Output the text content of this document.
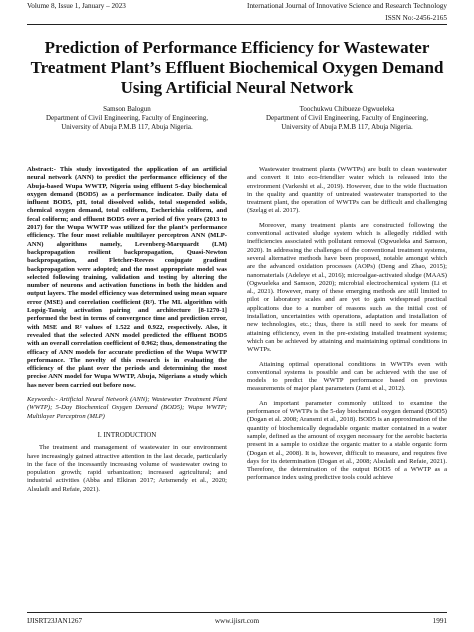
Volume 8, Issue 1, January – 2023	International Journal of Innovative Science and Research Technology
ISSN No:-2456-2165
Prediction of Performance Efficiency for Wastewater Treatment Plant’s Effluent Biochemical Oxygen Demand Using Artificial Neural Network
Samson Balogun
Department of Civil Engineering, Faculty of Engineering,
University of Abuja P.M.B 117, Abuja Nigeria.
Toochukwu Chibueze Ogwueleka
Department of Civil Engineering, Faculty of Engineering,
University of Abuja P.M.B 117, Abuja Nigeria.
Abstract:- This study investigated the application of an artificial neural network (ANN) to predict the performance efficiency of the Abuja-based Wupa WWTP, Nigeria using effluent 5-day biochemical oxygen demand (BOD5) as a performance indicator. Daily data of influent BOD5, pH, total dissolved solids, total suspended solids, chemical oxygen demand, total coliform, Escherichia coliform, and fecal coliform; and effluent BOD5 over a period of five years (2013 to 2017) for the Wupa WWTP was utilized for the plant’s performance efficiency. The four most reliable multilayer perceptron ANN (MLP-ANN) algorithms namely, Levenberg-Marquardt (LM) backpropagation resilient backpropagation, Quasi-Newton backpropagation, and Fletcher-Reeves conjugate gradient backpropagation were adopted; and the most appropriate model was selected following training, validation and testing by altering the number of neurons and activation functions in both the hidden and output layers. The model efficiency was determined using mean square error (MSE) and correlation coefficient (R²). The ML algorithm with Logsig-Tansig activation pairing and architecture [8-1270-1] performed the best in terms of convergence time and prediction error, with MSE and R² values of 1.522 and 0.922, respectively. Also, it revealed that the selected ANN model predicted the effluent BOD5 with an overall correlation coefficient of 0.962; thus, demonstrating the efficacy of ANN models for accurate prediction of the Wupa WWTP performance. The novelty of this research is in evaluating the efficiency of the plant over the periods and determining the most precise ANN model for Wupa WWTP, Abuja, Nigerians a study which has never been carried out before now.
Keywords:- Artificial Neural Network (ANN); Wastewater Treatment Plant (WWTP); 5-Day Biochemical Oxygen Demand (BOD5); Wupa WWTP; Multilayer Perceptron (MLP)
I. INTRODUCTION

The treatment and management of wastewater in our environment have increasingly gained attractive attention in the last decade, particularly in the face of the incessantly increasing volume of wastewater owing to population growth; rapid urbanization; increased agricultural; and industrial activities (Abba and Elkiran 2017; Arismendy et al., 2020; Alsulaili and Refaie, 2021).

Wastewater treatment plants (WWTPs) are built to clean wastewater and convert it into eco-friendlier water which is released into the environment (Varkeshi et al., 2019). However, due to the wide fluctuation in the quality and quantity of untreated wastewater transported to the treatment plant, the operation of WWTPs can be difficult and challenging (Szeląg et al. 2017).

Moreover, many treatment plants are constructed following the conventional activated sludge system which is allegedly riddled with inefficiencies associated with pollutant removal (Ogwueleka and Samson, 2020). In addressing the challenges of the conventional treatment systems, several alternative methods have been proposed, notable amongst which are the advanced oxidation processes (AOPs) (Deng and Zhao, 2015); nanomaterials (Adeleye et al., 2016); microalgae-activated sludge (MAAS) (Ogwueleka and Samson, 2020); microbial electrochemical system (Li et al., 2021). However, many of these emerging methods are still limited to pilot or laboratory scales and are yet to gain widespread practical applications due to a number of reasons such as the initial cost of installation, uncertainties with operations, adaptation and installation of new technologies, etc.; thus, there is still need to seek for means of attaining efficiency, even in the pre-existing installed treatment systems; which can be achieved by attaining and maintaining optimal conditions in WWTPs.

Attaining optimal operational conditions in WWTPs even with conventional systems is possible and can be achieved with the use of models to predict the WWTP performance based on previous measurements of major plant parameters (Jami et al., 2012).

An important parameter commonly utilized to examine the performance of WWTPs is the 5-day biochemical oxygen demand (BOD5) (Dogan et al. 2008; Aransmi et al., 2018). BOD5 is an approximation of the quantity of biochemically degradable organic matter contained in a water sample, defined as the amount of oxygen necessary for the aerobic bacteria present in a sample to oxidize the organic matter to a stable organic form (Dogan et al., 2008). It is, however, difficult to measure, and requires five days for its determination (Dogan et al., 2008; Alsulaili and Refaie, 2021). Therefore, the determination of the output BOD5 of a WWTP as a performance index using predictive tools could achieve

IJISRT23JAN1267	www.ijisrt.com	1991
